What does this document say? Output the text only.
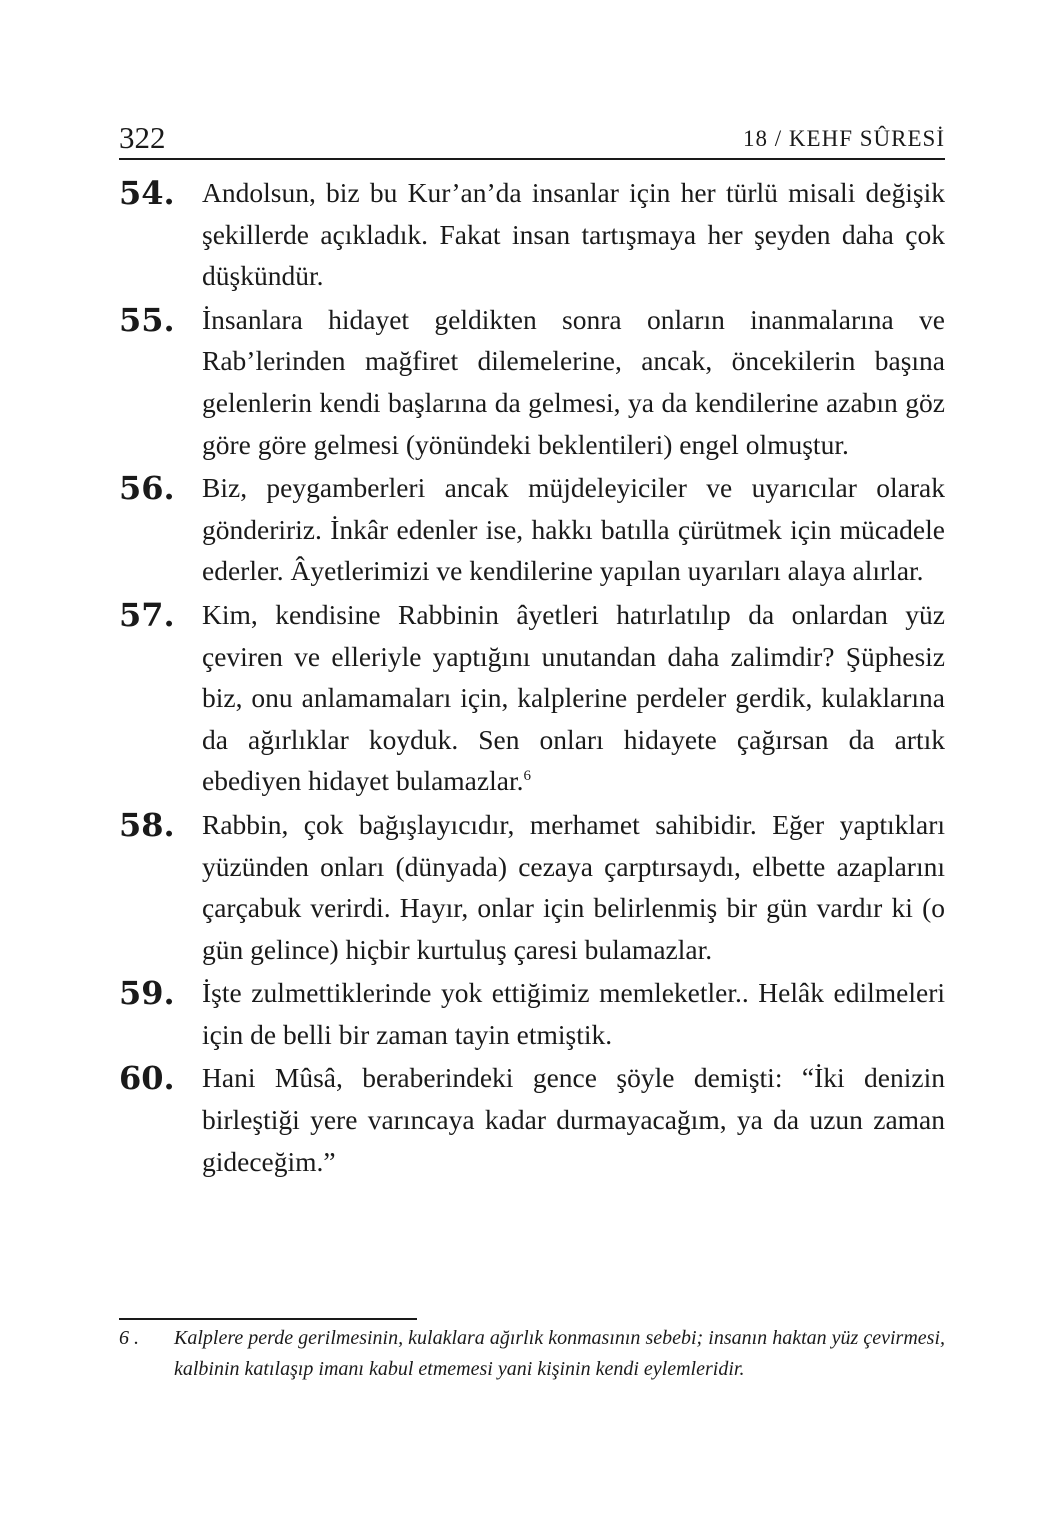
322	18 / KEHF SÛRESİ
54. Andolsun, biz bu Kur’an’da insanlar için her türlü misali değişik şekillerde açıkladık. Fakat insan tartışmaya her şeyden daha çok düşkündür.
55. İnsanlara hidayet geldikten sonra onların inanmalarına ve Rab’lerinden mağfiret dilemelerine, ancak, öncekilerin başına gelenlerin kendi başlarına da gelmesi, ya da kendilerine azabın göz göre göre gelmesi (yönündeki beklentileri) engel olmuştur.
56. Biz, peygamberleri ancak müjdeleyiciler ve uyarıcılar olarak göndeririz. İnkâr edenler ise, hakkı batılla çürütmek için mücadele ederler. Âyetlerimizi ve kendilerine yapılan uyarıları alaya alırlar.
57. Kim, kendisine Rabbinin âyetleri hatırlatılıp da onlardan yüz çeviren ve elleriyle yaptığını unutandan daha zalimdir? Şüphesiz biz, onu anlamamaları için, kalplerine perdeler gerdik, kulaklarına da ağırlıklar koyduk. Sen onları hidayete çağırsan da artık ebediyen hidayet bulamazlar.$^6$
58. Rabbin, çok bağışlayıcıdır, merhamet sahibidir. Eğer yaptıkları yüzünden onları (dünyada) cezaya çarptırsaydı, elbette azaplarını çarçabuk verirdi. Hayır, onlar için belirlenmiş bir gün vardır ki (o gün gelince) hiçbir kurtuluş çaresi bulamazlar.
59. İşte zulmettiklerinde yok ettiğimiz memleketler.. Helâk edilmeleri için de belli bir zaman tayin etmiştik.
60. Hani Mûsâ, beraberindeki gence şöyle demişti: “İki denizin birleştiği yere varıncaya kadar durmayacağım, ya da uzun zaman gideceğim.”
6 . Kalplere perde gerilmesinin, kulaklara ağırlık konmasının sebebi; insanın haktan yüz çevirmesi, kalbinin katılaşıp imanı kabul etmemesi yani kişinin kendi eylemleridir.
